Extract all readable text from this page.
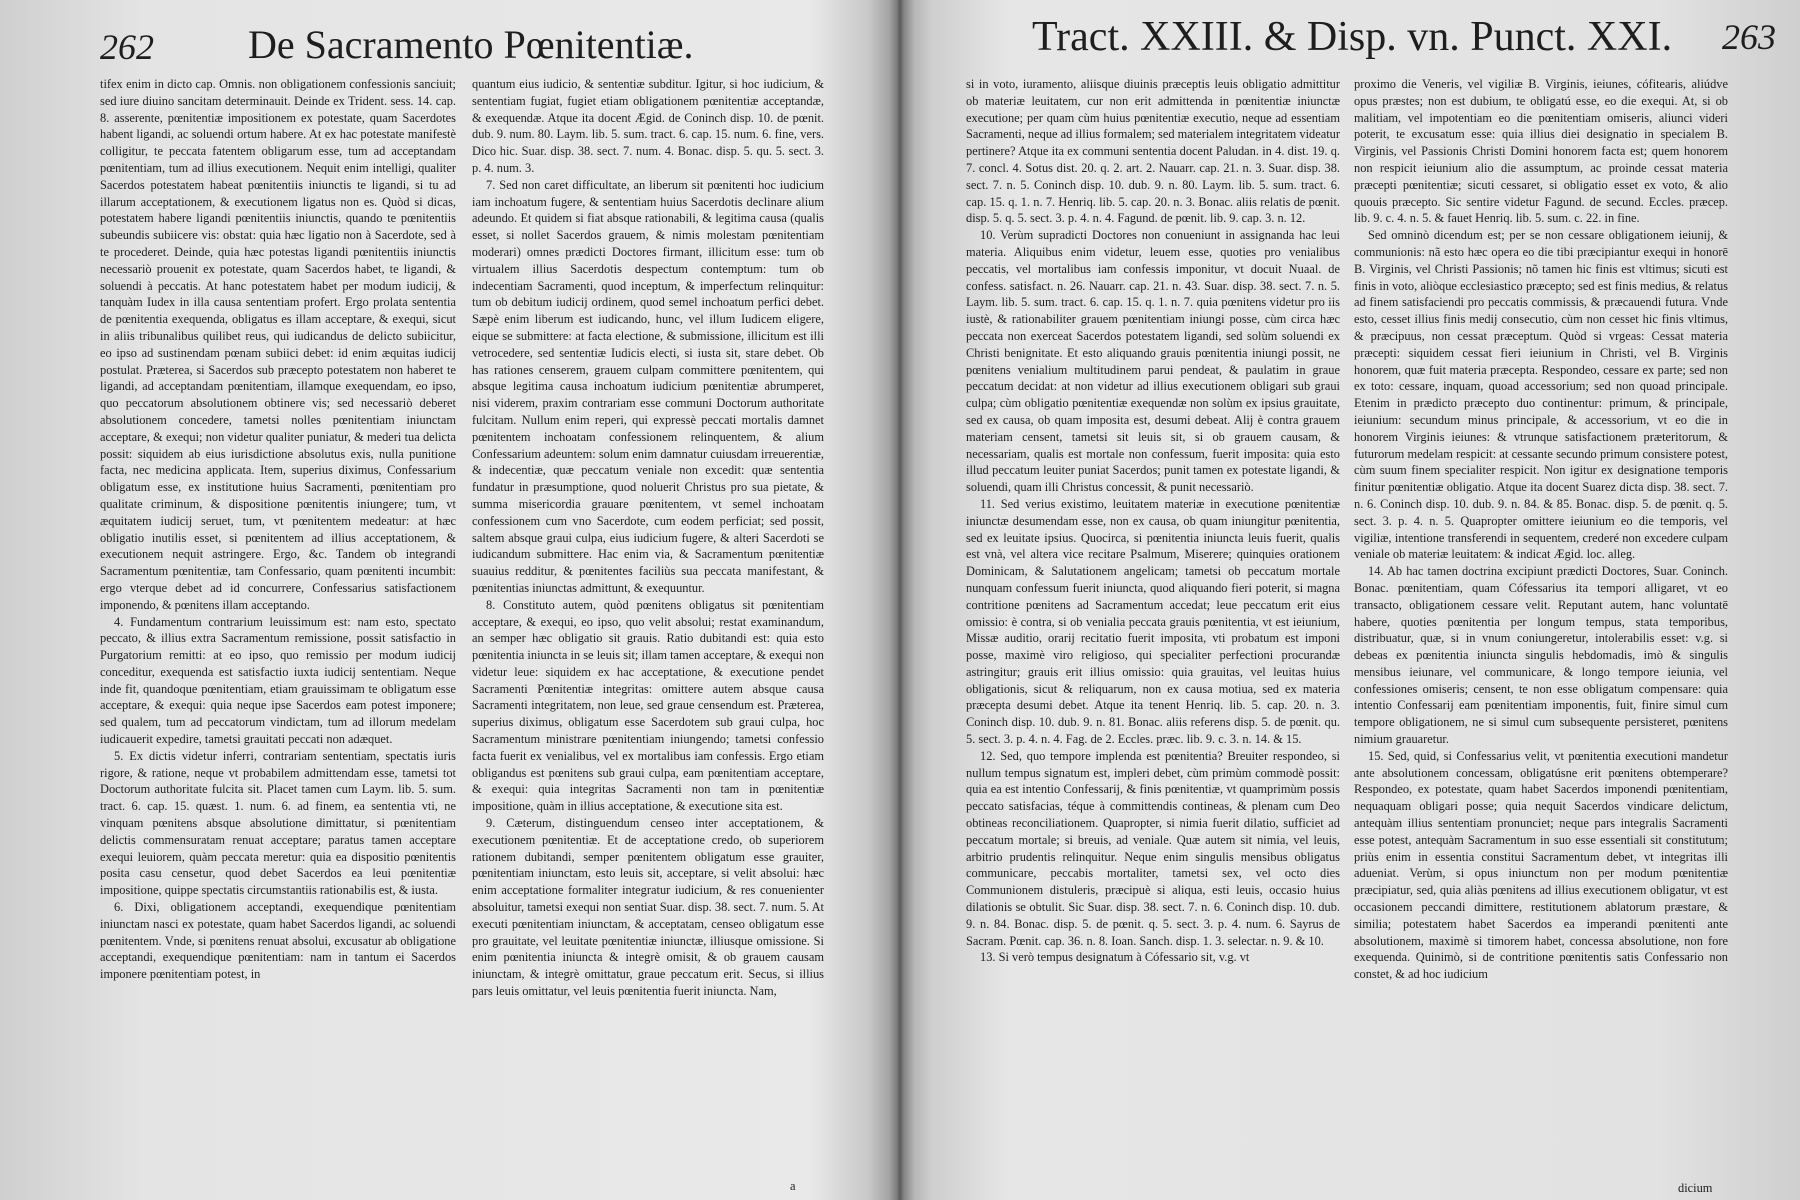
262 De Sacramento Pœnitentiæ.

tifex enim in dicto cap. Omnis. non obligationem confessionis sanciuit; sed iure diuino sancitam determinauit. Deinde ex Trident. sess. 14. cap. 8. asserente, pœnitentiæ impositionem ex potestate, quam Sacerdotes habent ligandi, ac soluendi ortum habere. At ex hac potestate manifestè colligitur, te peccata fatentem obligarum esse, tum ad acceptandam pœnitentiam, tum ad illius executionem. Nequit enim intelligi, qualiter Sacerdos potestatem habeat pœnitentiis iniunctis te ligandi, si tu ad illarum acceptationem, & executionem ligatus non es. Quòd si dicas, potestatem habere ligandi pœnitentiis iniunctis, quando te pœnitentiis subeundis subiicere vis: obstat: quia hæc ligatio non à Sacerdote, sed à te procederet. Deinde, quia hæc potestas ligandi pœnitentiis iniunctis necessariò prouenit ex potestate, quam Sacerdos habet, te ligandi, & soluendi à peccatis. At hanc potestatem habet per modum iudicij, & tanquàm Iudex in illa causa sententiam profert. Ergo prolata sententia de pœnitentia exequenda, obligatus es illam acceptare, & exequi, sicut in aliis tribunalibus quilibet reus, qui iudicandus de delicto subiicitur, eo ipso ad sustinendam pœnam subiici debet: id enim æquitas iudicij postulat. Præterea, si Sacerdos sub præcepto potestatem non haberet te ligandi, ad acceptandam pœnitentiam, illamque exequendam, eo ipso, quo peccatorum absolutionem obtinere vis; sed necessariò deberet absolutionem concedere, tametsi nolles pœnitentiam iniunctam acceptare, & exequi; non videtur qualiter puniatur, & mederi tua delicta possit: siquidem ab eius iurisdictione absolutus exis, nulla punitione facta, nec medicina applicata. Item, superius diximus, Confessarium obligatum esse, ex institutione huius Sacramenti, pœnitentiam pro qualitate criminum, & dispositione pœnitentis iniungere; tum, vt æquitatem iudicij seruet, tum, vt pœnitentem medeatur: at hæc obligatio inutilis esset, si pœnitentem ad illius acceptationem, & executionem nequit astringere. Ergo, &c. Tandem ob integrandi Sacramentum pœnitentiæ, tam Confessario, quam pœnitenti incumbit: ergo vterque debet ad id concurrere, Confessarius satisfactionem imponendo, & pœnitens illam acceptando.

4. Fundamentum contrarium leuissimum est: nam esto, spectato peccato, & illius extra Sacramentum remissione, possit satisfactio in Purgatorium remitti: at eo ipso, quo remissio per modum iudicij conceditur, exequenda est satisfactio iuxta iudicij sententiam. Neque inde fit, quandoque pœnitentiam, etiam grauissimam te obligatum esse acceptare, & exequi: quia neque ipse Sacerdos eam potest imponere; sed qualem, tum ad peccatorum vindictam, tum ad illorum medelam iudicauerit expedire, tametsi grauitati peccati non adæquet.

5. Ex dictis videtur inferri, contrariam sententiam, spectatis iuris rigore, & ratione, neque vt probabilem admittendam esse, tametsi tot Doctorum authoritate fulcita sit. Placet tamen cum Laym. lib. 5. sum. tract. 6. cap. 15. quæst. 1. num. 6. ad finem, ea sententia vti, ne vinquam pœnitens absque absolutione dimittatur, si pœnitentiam delictis commensuratam renuat acceptare; paratus tamen acceptare exequi leuiorem, quàm peccata meretur: quia ea dispositio pœnitentis posita casu censetur, quod debet Sacerdos ea leui pœnitentiæ impositione, quippe spectatis circumstantiis rationabilis est, & iusta.

6. Dixi, obligationem acceptandi, exequendique pœnitentiam iniunctam nasci ex potestate, quam habet Sacerdos ligandi, ac soluendi pœnitentem. Vnde, si pœnitens renuat absolui, excusatur ab obligatione acceptandi, exequendique pœnitentiam: nam in tantum ei Sacerdos imponere pœnitentiam potest, in

quantum eius iudicio, & sententiæ subditur. Igitur, si hoc iudicium, & sententiam fugiat, fugiet etiam obligationem pœnitentiæ acceptandæ, & exequendæ. Atque ita docent Ægid. de Coninch disp. 10. de pœnit. dub. 9. num. 80. Laym. lib. 5. sum. tract. 6. cap. 15. num. 6. fine, vers. Dico hic. Suar. disp. 38. sect. 7. num. 4. Bonac. disp. 5. qu. 5. sect. 3. p. 4. num. 3.

7. Sed non caret difficultate, an liberum sit pœnitenti hoc iudicium iam inchoatum fugere, & sententiam huius Sacerdotis declinare alium adeundo. Et quidem si fiat absque rationabili, & legitima causa (qualis esset, si nollet Sacerdos grauem, & nimis molestam pœnitentiam moderari) omnes prædicti Doctores firmant, illicitum esse: tum ob virtualem illius Sacerdotis despectum contemptum: tum ob indecentiam Sacramenti, quod inceptum, & imperfectum relinquitur: tum ob debitum iudicij ordinem, quod semel inchoatum perfici debet. Sæpè enim liberum est iudicando, hunc, vel illum Iudicem eligere, eique se submittere: at facta electione, & submissione, illicitum est illi vetrocedere, sed sententiæ Iudicis electi, si iusta sit, stare debet. Ob has rationes censerem, grauem culpam committere pœnitentem, qui absque legitima causa inchoatum iudicium pœnitentiæ abrumperet, nisi viderem, praxim contrariam esse communi Doctorum authoritate fulcitam. Nullum enim reperi, qui expressè peccati mortalis damnet pœnitentem inchoatam confessionem relinquentem, & alium Confessarium adeuntem: solum enim damnatur cuiusdam irreuerentiæ, & indecentiæ, quæ peccatum veniale non excedit: quæ sententia fundatur in præsumptione, quod noluerit Christus pro sua pietate, & summa misericordia grauare pœnitentem, vt semel inchoatam confessionem cum vno Sacerdote, cum eodem perficiat; sed possit, saltem absque graui culpa, eius iudicium fugere, & alteri Sacerdoti se iudicandum submittere. Hac enim via, & Sacramentum pœnitentiæ suauius redditur, & pœnitentes faciliùs sua peccata manifestant, & pœnitentias iniunctas admittunt, & exequuntur.

8. Constituto autem, quòd pœnitens obligatus sit pœnitentiam acceptare, & exequi, eo ipso, quo velit absolui; restat examinandum, an semper hæc obligatio sit grauis. Ratio dubitandi est: quia esto pœnitentia iniuncta in se leuis sit; illam tamen acceptare, & exequi non videtur leue: siquidem ex hac acceptatione, & executione pendet Sacramenti Pœnitentiæ integritas: omittere autem absque causa Sacramenti integritatem, non leue, sed graue censendum est. Præterea, superius diximus, obligatum esse Sacerdotem sub graui culpa, hoc Sacramentum ministrare pœnitentiam iniungendo; tametsi confessio facta fuerit ex venialibus, vel ex mortalibus iam confessis. Ergo etiam obligandus est pœnitens sub graui culpa, eam pœnitentiam acceptare, & exequi: quia integritas Sacramenti non tam in pœnitentiæ impositione, quàm in illius acceptatione, & executione sita est.

9. Cæterum, distinguendum censeo inter acceptationem, & executionem pœnitentiæ. Et de acceptatione credo, ob superiorem rationem dubitandi, semper pœnitentem obligatum esse grauiter, pœnitentiam iniunctam, esto leuis sit, acceptare, si velit absolui: hæc enim acceptatione formaliter integratur iudicium, & res conuenienter absoluitur, tametsi exequi non sentiat Suar. disp. 38. sect. 7. num. 5. At executi pœnitentiam iniunctam, & acceptatam, censeo obligatum esse pro grauitate, vel leuitate pœnitentiæ iniunctæ, illiusque omissione. Si enim pœnitentia iniuncta & integrè omisit, & ob grauem causam iniunctam, & integrè omittatur, graue peccatum erit. Secus, si illius pars leuis omittatur, vel leuis pœnitentia fuerit iniuncta. Nam,

a
Tract. XXIII. & Disp. vn. Punct. XXI. 263

si in voto, iuramento, aliisque diuinis præceptis leuis obligatio admittitur ob materiæ leuitatem, cur non erit admittenda in pœnitentiæ iniunctæ executione; per quam cùm huius pœnitentiæ executio, neque ad essentiam Sacramenti, neque ad illius formalem; sed materialem integritatem videatur pertinere? Atque ita ex communi sententia docent Paludan. in 4. dist. 19. q. 7. concl. 4. Sotus dist. 20. q. 2. art. 2. Nauarr. cap. 21. n. 3. Suar. disp. 38. sect. 7. n. 5. Coninch disp. 10. dub. 9. n. 80. Laym. lib. 5. sum. tract. 6. cap. 15. q. 1. n. 7. Henriq. lib. 5. cap. 20. n. 3. Bonac. aliis relatis de pœnit. disp. 5. q. 5. sect. 3. p. 4. n. 4. Fagund. de pœnit. lib. 9. cap. 3. n. 12.

10. Verùm supradicti Doctores non conueniunt in assignanda hac leui materia. Aliquibus enim videtur, leuem esse, quoties pro venialibus peccatis, vel mortalibus iam confessis imponitur, vt docuit Nuaal. de confess. satisfact. n. 26. Nauarr. cap. 21. n. 43. Suar. disp. 38. sect. 7. n. 5. Laym. lib. 5. sum. tract. 6. cap. 15. q. 1. n. 7. quia pœnitens videtur pro iis iustè, & rationabiliter grauem pœnitentiam iniungi posse, cùm circa hæc peccata non exerceat Sacerdos potestatem ligandi, sed solùm soluendi ex Christi benignitate. Et esto aliquando grauis pœnitentia iniungi possit, ne pœnitens venialium multitudinem parui pendeat, & paulatim in graue peccatum decidat: at non videtur ad illius executionem obligari sub graui culpa; cùm obligatio pœnitentiæ exequendæ non solùm ex ipsius grauitate, sed ex causa, ob quam imposita est, desumi debeat. Alij è contra grauem materiam censent, tametsi sit leuis sit, si ob grauem causam, & necessariam, qualis est mortale non confessum, fuerit imposita: quia esto illud peccatum leuiter puniat Sacerdos; punit tamen ex potestate ligandi, & soluendi, quam illi Christus concessit, & punit necessariò.

11. Sed verius existimo, leuitatem materiæ in executione pœnitentiæ iniunctæ desumendam esse, non ex causa, ob quam iniungitur pœnitentia, sed ex leuitate ipsius. Quocirca, si pœnitentia iniuncta leuis fuerit, qualis est vnà, vel altera vice recitare Psalmum, Miserere; quinquies orationem Dominicam, & Salutationem angelicam; tametsi ob peccatum mortale nunquam confessum fuerit iniuncta, quod aliquando fieri poterit, si magna contritione pœnitens ad Sacramentum accedat; leue peccatum erit eius omissio: è contra, si ob venialia peccata grauis pœnitentia, vt est ieiunium, Missæ auditio, orarij recitatio fuerit imposita, vti probatum est imponi posse, maximè viro religioso, qui specialiter perfectioni procurandæ astringitur; grauis erit illius omissio: quia grauitas, vel leuitas huius obligationis, sicut & reliquarum, non ex causa motiua, sed ex materia præcepta desumi debet. Atque ita tenent Henriq. lib. 5. cap. 20. n. 3. Coninch disp. 10. dub. 9. n. 81. Bonac. aliis referens disp. 5. de pœnit. qu. 5. sect. 3. p. 4. n. 4. Fag. de 2. Eccles. præc. lib. 9. c. 3. n. 14. & 15.

12. Sed, quo tempore implenda est pœnitentia? Breuiter respondeo, si nullum tempus signatum est, impleri debet, cùm primùm commodè possit: quia ea est intentio Confessarij, & finis pœnitentiæ, vt quamprimùm possis peccato satisfacias, téque à committendis contineas, & plenam cum Deo obtineas reconciliationem. Quapropter, si nimia fuerit dilatio, sufficiet ad peccatum mortale; si breuis, ad veniale. Quæ autem sit nimia, vel leuis, arbitrio prudentis relinquitur. Neque enim singulis mensibus obligatus communicare, peccabis mortaliter, tametsi sex, vel octo dies Communionem distuleris, præcipuè si aliqua, esti leuis, occasio huius dilationis se obtulit. Sic Suar. disp. 38. sect. 7. n. 6. Coninch disp. 10. dub. 9. n. 84. Bonac. disp. 5. de pœnit. q. 5. sect. 3. p. 4. num. 6. Sayrus de Sacram. Pœnit. cap. 36. n. 8. Ioan. Sanch. disp. 1. 3. selectar. n. 9. & 10.

13. Si verò tempus designatum à Cófessario sit, v.g. vt

proximo die Veneris, vel vigiliæ B. Virginis, ieiunes, cófitearis, aliúdve opus præstes; non est dubium, te obligatú esse, eo die exequi. At, si ob malitiam, vel impotentiam eo die pœnitentiam omiseris, aliunci videri poterit, te excusatum esse: quia illius diei designatio in specialem B. Virginis, vel Passionis Christi Domini honorem facta est; quem honorem non respicit ieiunium alio die assumptum, ac proinde cessat materia præcepti pœnitentiæ; sicuti cessaret, si obligatio esset ex voto, & alio quouis præcepto. Sic sentire videtur Fagund. de secund. Eccles. præcep. lib. 9. c. 4. n. 5. & fauet Henriq. lib. 5. sum. c. 22. in fine.

Sed omninò dicendum est; per se non cessare obligationem ieiunij, & communionis: nã esto hæc opera eo die tibi præcipiantur exequi in honorē B. Virginis, vel Christi Passionis; nõ tamen hic finis est vltimus; sicuti est finis in voto, aliòque ecclesiastico præcepto; sed est finis medius, & relatus ad finem satisfaciendi pro peccatis commissis, & præcauendi futura. Vnde esto, cesset illius finis medij consecutio, cùm non cesset hic finis vltimus, & præcipuus, non cessat præceptum. Quòd si vrgeas: Cessat materia præcepti: siquidem cessat fieri ieiunium in Christi, vel B. Virginis honorem, quæ fuit materia præcepta. Respondeo, cessare ex parte; sed non ex toto: cessare, inquam, quoad accessorium; sed non quoad principale. Etenim in prædicto præcepto duo continentur: primum, & principale, ieiunium: secundum minus principale, & accessorium, vt eo die in honorem Virginis ieiunes: & vtrunque satisfactionem præteritorum, & futurorum medelam respicit: at cessante secundo primum consistere potest, cùm suum finem specialiter respicit. Non igitur ex designatione temporis finitur pœnitentiæ obligatio. Atque ita docent Suarez dicta disp. 38. sect. 7. n. 6. Coninch disp. 10. dub. 9. n. 84. & 85. Bonac. disp. 5. de pœnit. q. 5. sect. 3. p. 4. n. 5. Quapropter omittere ieiunium eo die temporis, vel vigiliæ, intentione transferendi in sequentem, crederé non excedere culpam veniale ob materiæ leuitatem: & indicat Ægid. loc. alleg.

14. Ab hac tamen doctrina excipiunt prædicti Doctores, Suar. Coninch. Bonac. pœnitentiam, quam Cófessarius ita tempori alligaret, vt eo transacto, obligationem cessare velit. Reputant autem, hanc voluntatē habere, quoties pœnitentia per longum tempus, stata temporibus, distribuatur, quæ, si in vnum coniungeretur, intolerabilis esset: v.g. si debeas ex pœnitentia iniuncta singulis hebdomadis, imò & singulis mensibus ieiunare, vel communicare, & longo tempore ieiunia, vel confessiones omiseris; censent, te non esse obligatum compensare: quia intentio Confessarij eam pœnitentiam imponentis, fuit, finire simul cum tempore obligationem, ne si simul cum subsequente persisteret, pœnitens nimium grauaretur.

15. Sed, quid, si Confessarius velit, vt pœnitentia executioni mandetur ante absolutionem concessam, obligatúsne erit pœnitens obtemperare? Respondeo, ex potestate, quam habet Sacerdos imponendi pœnitentiam, nequaquam obligari posse; quia nequit Sacerdos vindicare delictum, antequàm illius sententiam pronunciet; neque pars integralis Sacramenti esse potest, antequàm Sacramentum in suo esse essentiali sit constitutum; priùs enim in essentia constitui Sacramentum debet, vt integritas illi adueniat. Verùm, si opus iniunctum non per modum pœnitentiæ præcipiatur, sed, quia aliàs pœnitens ad illius executionem obligatur, vt est occasionem peccandi dimittere, restitutionem ablatorum præstare, & similia; potestatem habet Sacerdos ea imperandi pœnitenti ante absolutionem, maximè si timorem habet, concessa absolutione, non fore exequenda. Quinimò, si de contritione pœnitentis satis Confessario non constet, & ad hoc iudicium

dicium
